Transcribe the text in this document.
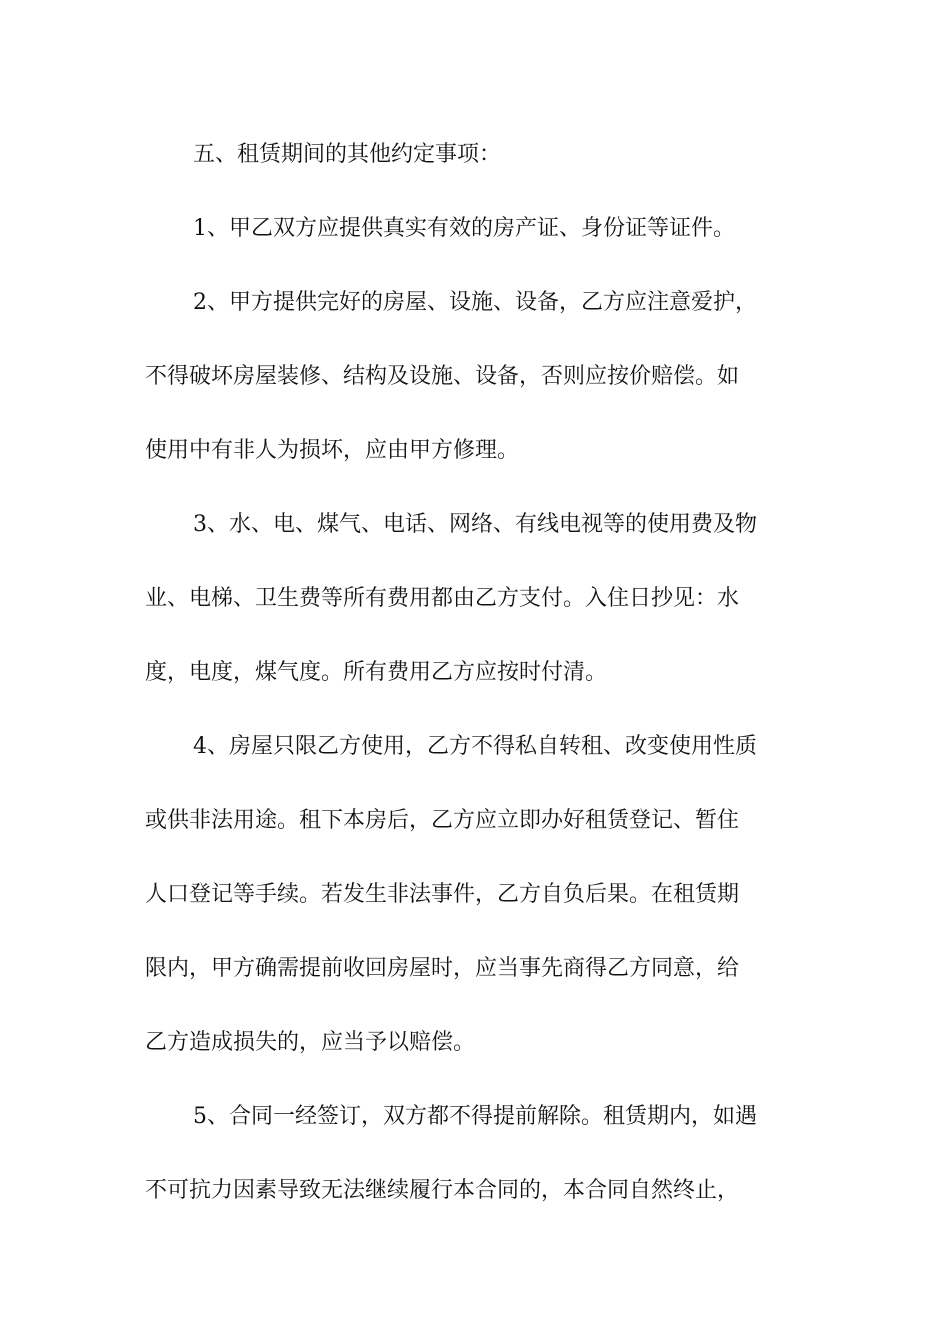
五、租赁期间的其他约定事项：
1、甲乙双方应提供真实有效的房产证、身份证等证件。
2、甲方提供完好的房屋、设施、设备，乙方应注意爱护，
不得破坏房屋装修、结构及设施、设备，否则应按价赔偿。如
使用中有非人为损坏，应由甲方修理。
3、水、电、煤气、电话、网络、有线电视等的使用费及物
业、电梯、卫生费等所有费用都由乙方支付。入住日抄见：水
度，电度，煤气度。所有费用乙方应按时付清。
4、房屋只限乙方使用，乙方不得私自转租、改变使用性质
或供非法用途。租下本房后，乙方应立即办好租赁登记、暂住
人口登记等手续。若发生非法事件，乙方自负后果。在租赁期
限内，甲方确需提前收回房屋时，应当事先商得乙方同意，给
乙方造成损失的，应当予以赔偿。
5、合同一经签订，双方都不得提前解除。租赁期内，如遇
不可抗力因素导致无法继续履行本合同的，本合同自然终止，
